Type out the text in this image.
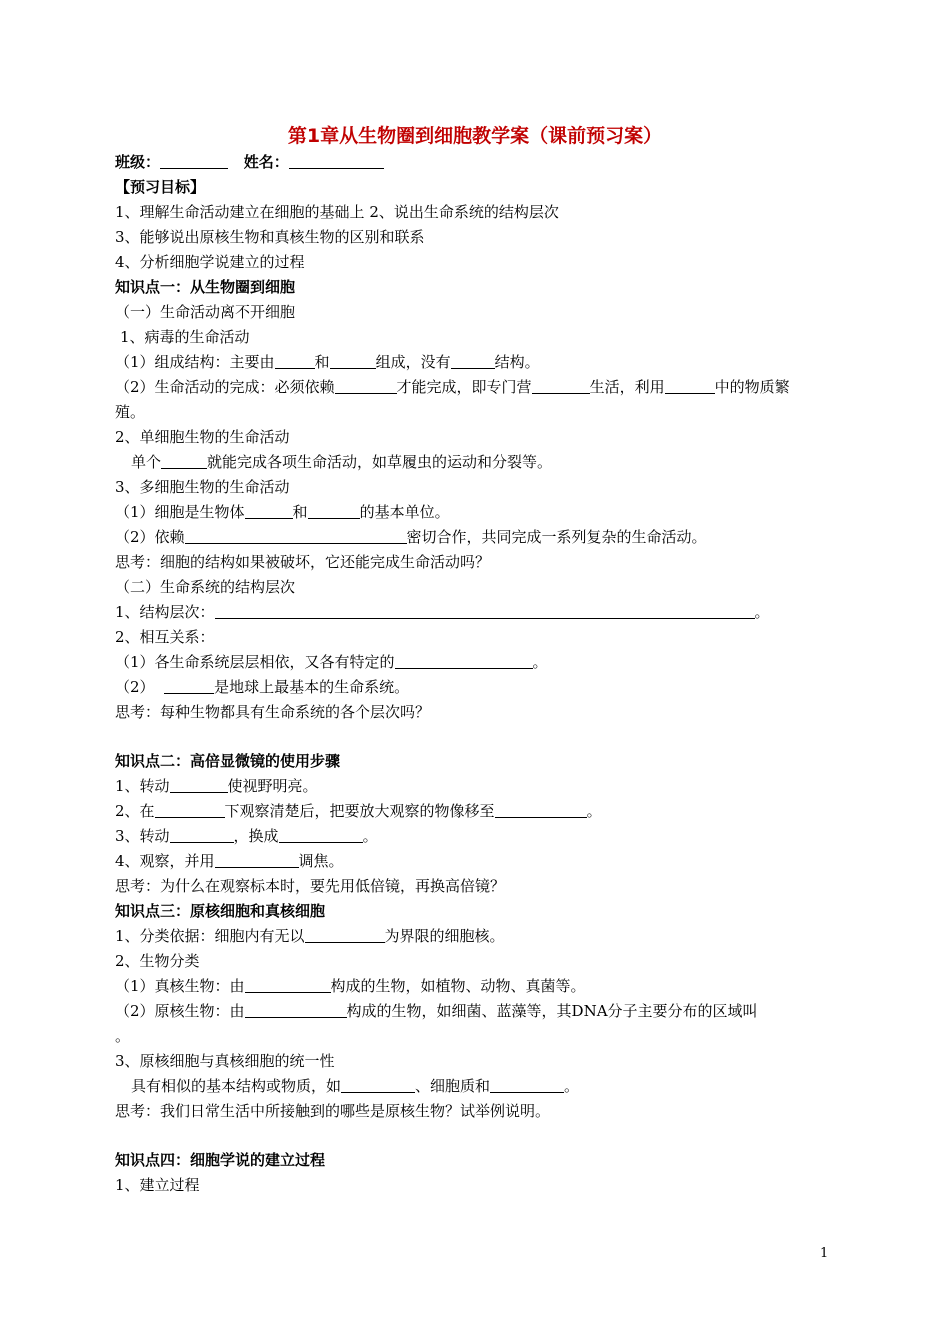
第1章从生物圈到细胞教学案（课前预习案）
班级：	姓名：
【预习目标】
1、理解生命活动建立在细胞的基础上 2、说出生命系统的结构层次
3、能够说出原核生物和真核生物的区别和联系
4、分析细胞学说建立的过程
知识点一：从生物圈到细胞
（一）生命活动离不开细胞
1、病毒的生命活动
（1）组成结构：主要由	和	组成，没有	结构。
（2）生命活动的完成：必须依赖	才能完成，即专门营	生活，利用	中的物质繁
殖。
2、单细胞生物的生命活动
单个	就能完成各项生命活动，如草履虫的运动和分裂等。
3、多细胞生物的生命活动
（1）细胞是生物体	和	的基本单位。
（2）依赖	密切合作，共同完成一系列复杂的生命活动。
思考：细胞的结构如果被破坏，它还能完成生命活动吗？
（二）生命系统的结构层次
1、结构层次：	。
2、相互关系：
（1）各生命系统层层相依，又各有特定的	。
（2）	是地球上最基本的生命系统。
思考：每种生物都具有生命系统的各个层次吗？
知识点二：高倍显微镜的使用步骤
1、转动	使视野明亮。
2、在	下观察清楚后，把要放大观察的物像移至	。
3、转动	，换成	。
4、观察，并用	调焦。
思考：为什么在观察标本时，要先用低倍镜，再换高倍镜？
知识点三：原核细胞和真核细胞
1、分类依据：细胞内有无以	为界限的细胞核。
2、生物分类
（1）真核生物：由	构成的生物，如植物、动物、真菌等。
（2）原核生物：由	构成的生物，如细菌、蓝藻等，其DNA分子主要分布的区域叫
。
3、原核细胞与真核细胞的统一性
具有相似的基本结构或物质，如	、细胞质和	。
思考：我们日常生活中所接触到的哪些是原核生物？试举例说明。
知识点四：细胞学说的建立过程
1、建立过程
1
